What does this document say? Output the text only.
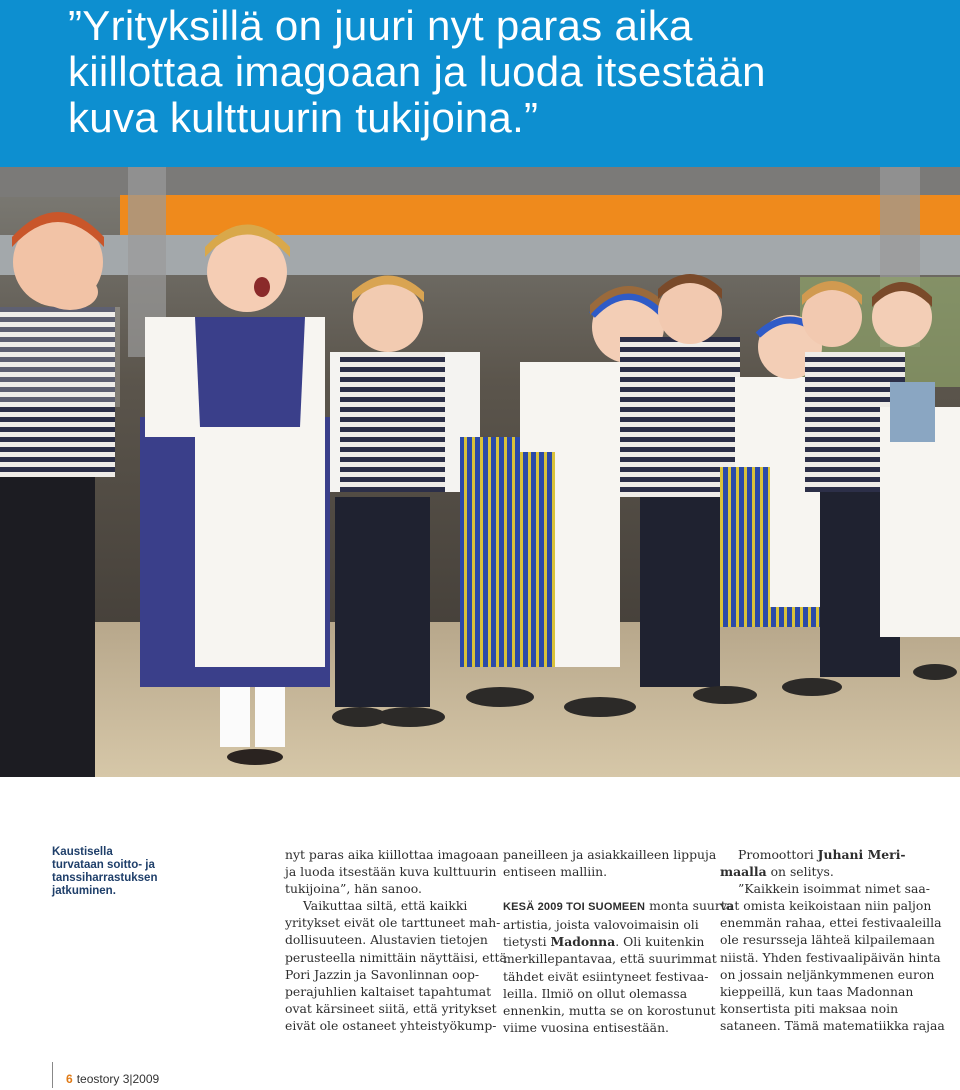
”Yrityksillä on juuri nyt paras aika
kiillottaa imagoaan ja luoda itsestään
kuva kulttuurin tukijoina.”
Kaustisella
turvataan soitto- ja
tanssiharrastuksen
jatkuminen.
nyt paras aika kiillottaa imagoaan
ja luoda itsestään kuva kulttuurin
tukijoina”, hän sanoo.
Vaikuttaa siltä, että kaikki
yritykset eivät ole tarttuneet mah-
dollisuuteen. Alustavien tietojen
perusteella nimittäin näyttäisi, että
Pori Jazzin ja Savonlinnan oop-
perajuhlien kaltaiset tapahtumat
ovat kärsineet siitä, että yritykset
eivät ole ostaneet yhteistyökump-
paneilleen ja asiakkailleen lippuja
entiseen malliin.
KESÄ 2009 TOI SUOMEEN monta suurta
artistia, joista valovoimaisin oli
tietysti Madonna. Oli kuitenkin
merkillepantavaa, että suurimmat
tähdet eivät esiintyneet festivaa-
leilla. Ilmiö on ollut olemassa
ennenkin, mutta se on korostunut
viime vuosina entisestään.
Promoottori Juhani Meri-
maalla on selitys.
”Kaikkein isoimmat nimet saa-
vat omista keikoistaan niin paljon
enemmän rahaa, ettei festivaaleilla
ole resursseja lähteä kilpailemaan
niistä. Yhden festivaalipäivän hinta
on jossain neljänkymmenen euron
kieppeillä, kun taas Madonnan
konsertista piti maksaa noin
sataneen. Tämä matematiikka rajaa
6 teostory 3|2009
